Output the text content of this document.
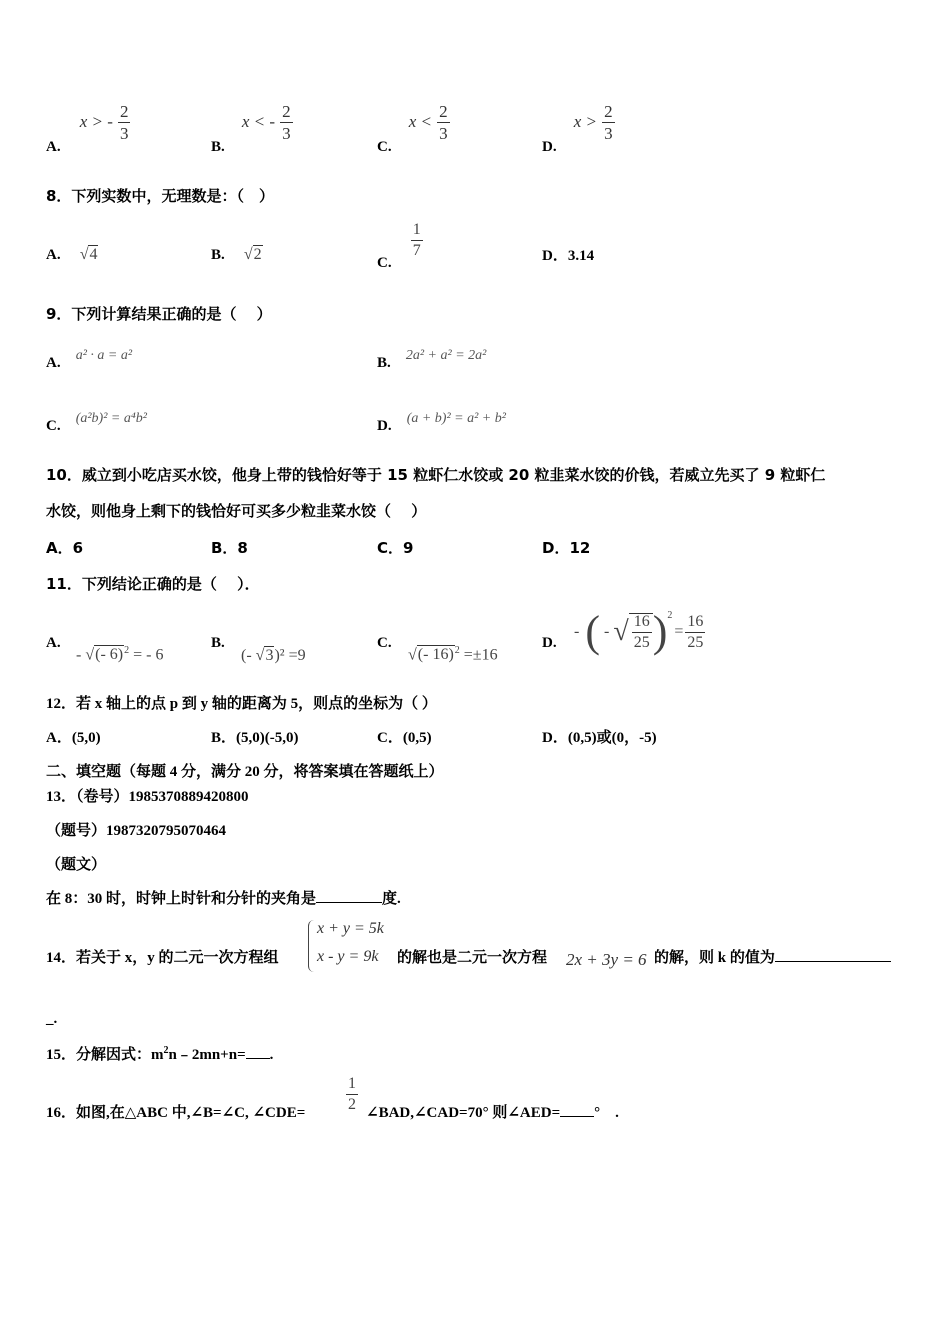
A. x > - $\frac{2}{3}$
B. x < - $\frac{2}{3}$
C. $x < \frac{2}{3}$
D. $x > \frac{2}{3}$
8．下列实数中，无理数是：（　）
A. √4	B. √2	C.
$\frac{1}{7}$	D．3.14
9．下列计算结果正确的是（　 ）
A. a² · a = a²	B. 2a² + a² = 2a²
C. (a²b)² = a⁴b²	D. (a + b)² = a² + b²
10．威立到小吃店买水饺，他身上带的钱恰好等于 15 粒虾仁水饺或 20 粒韭菜水饺的价钱，若威立先买了 9 粒虾仁
水饺，则他身上剩下的钱恰好可买多少粒韭菜水饺（　 ）
A．6	B．8	C．9	D．12
11．下列结论正确的是（　 ）．
A.
- √(- 6)$^2$ = - 6
B.
(- √3)² =9
C.
√(- 16)$^2$ =±16
D.
- ( - √ $\frac{16}{25} )^2$
= $\frac{16}{25}$
12．若 x 轴上的点 p 到 y 轴的距离为 5，则点的坐标为（ ）
A．(5,0)	B．(5,0)(-5,0)	C．(0,5)	D．(0,5)或(0，-5)
二、填空题（每题 4 分，满分 20 分，将答案填在答题纸上）
13．（卷号）1985370889420800
（题号）1987320795070464
（题文）
在 8：30 时，时钟上时针和分针的夹角是	度.
14．若关于 x，y 的二元一次方程组
x + y = 5k
x - y = 9k 的解也是二元一次方程 2x + 3y = 6 的解，则 k 的值为
_.
15．分解因式：$m^2n﹣2mn+n=$ .
16．如图,在△ABC 中,∠B=∠C, ∠CDE=	$\frac{1}{2}$ ∠BAD,∠CAD=70° 则∠AED= °　.
